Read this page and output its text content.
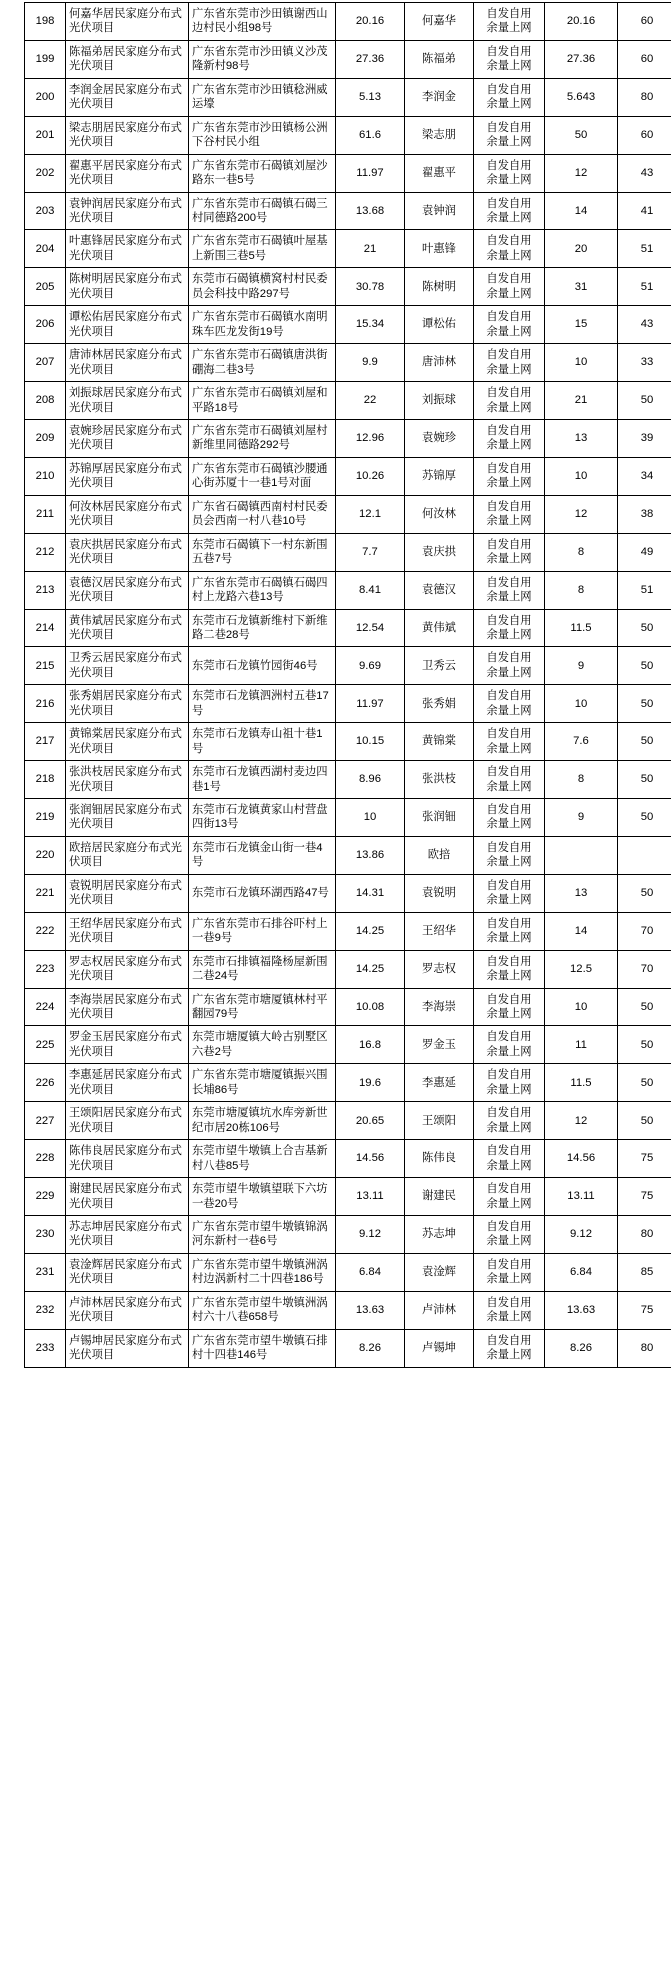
198	何嘉华居民家庭分布式光伏项目	广东省东莞市沙田镇谢西山边村民小组98号	20.16	何嘉华	自发自用
余量上网	20.16	60
199	陈福弟居民家庭分布式光伏项目	广东省东莞市沙田镇义沙茂隆新村98号	27.36	陈福弟	自发自用
余量上网	27.36	60
200	李润金居民家庭分布式光伏项目	广东省东莞市沙田镇稔洲威运壕	5.13	李润金	自发自用
余量上网	5.643	80
201	梁志朋居民家庭分布式光伏项目	广东省东莞市沙田镇杨公洲下谷村民小组	61.6	梁志朋	自发自用
余量上网	50	60
202	翟惠平居民家庭分布式光伏项目	广东省东莞市石碣镇刘屋沙路东一巷5号	11.97	翟惠平	自发自用
余量上网	12	43
203	袁钟润居民家庭分布式光伏项目	广东省东莞市石碣镇石碣三村同德路200号	13.68	袁钟润	自发自用
余量上网	14	41
204	叶惠锋居民家庭分布式光伏项目	广东省东莞市石碣镇叶屋基上新围三巷5号	21	叶惠锋	自发自用
余量上网	20	51
205	陈树明居民家庭分布式光伏项目	东莞市石碣镇横窝村村民委员会科技中路297号	30.78	陈树明	自发自用
余量上网	31	51
206	谭松佑居民家庭分布式光伏项目	广东省东莞市石碣镇水南明珠车匹龙发街19号	15.34	谭松佑	自发自用
余量上网	15	43
207	唐沛林居民家庭分布式光伏项目	广东省东莞市石碣镇唐洪街硼海二巷3号	9.9	唐沛林	自发自用
余量上网	10	33
208	刘振球居民家庭分布式光伏项目	广东省东莞市石碣镇刘屋和平路18号	22	刘振球	自发自用
余量上网	21	50
209	袁婉珍居民家庭分布式光伏项目	广东省东莞市石碣镇刘屋村新维里同德路292号	12.96	袁婉珍	自发自用
余量上网	13	39
210	苏锦厚居民家庭分布式光伏项目	广东省东莞市石碣镇沙腰通心街苏厦十一巷1号对面	10.26	苏锦厚	自发自用
余量上网	10	34
211	何汝林居民家庭分布式光伏项目	广东省石碣镇西南村村民委员会西南一村八巷10号	12.1	何汝林	自发自用
余量上网	12	38
212	袁庆拱居民家庭分布式光伏项目	东莞市石碣镇下一村东新围五巷7号	7.7	袁庆拱	自发自用
余量上网	8	49
213	袁德汉居民家庭分布式光伏项目	广东省东莞市石碣镇石碣四村上龙路六巷13号	8.41	袁德汉	自发自用
余量上网	8	51
214	黄伟斌居民家庭分布式光伏项目	东莞市石龙镇新维村下新维路二巷28号	12.54	黄伟斌	自发自用
余量上网	11.5	50
215	卫秀云居民家庭分布式光伏项目	东莞市石龙镇竹园街46号	9.69	卫秀云	自发自用
余量上网	9	50
216	张秀娟居民家庭分布式光伏项目	东莞市石龙镇泗洲村五巷17号	11.97	张秀娟	自发自用
余量上网	10	50
217	黄锦棠居民家庭分布式光伏项目	东莞市石龙镇寿山祖十巷1号	10.15	黄锦棠	自发自用
余量上网	7.6	50
218	张洪枝居民家庭分布式光伏项目	东莞市石龙镇西湖村麦边四巷1号	8.96	张洪枝	自发自用
余量上网	8	50
219	张润钿居民家庭分布式光伏项目	东莞市石龙镇黄家山村营盘四街13号	10	张润钿	自发自用
余量上网	9	50
220	欧掊居民家庭分布式光伏项目	东莞市石龙镇金山街一巷4号	13.86	欧掊	自发自用
余量上网		

221	袁锐明居民家庭分布式光伏项目	东莞市石龙镇环湖西路47号	14.31	袁锐明	自发自用
余量上网	13	50
222	王绍华居民家庭分布式光伏项目	广东省东莞市石排谷吓村上一巷9号	14.25	王绍华	自发自用
余量上网	14	70
223	罗志权居民家庭分布式光伏项目	东莞市石排镇福隆杨屋新围二巷24号	14.25	罗志权	自发自用
余量上网	12.5	70
224	李海崇居民家庭分布式光伏项目	广东省东莞市塘厦镇林村平翻园79号	10.08	李海崇	自发自用
余量上网	10	50
225	罗金玉居民家庭分布式光伏项目	东莞市塘厦镇大岭古别墅区六巷2号	16.8	罗金玉	自发自用
余量上网	11	50
226	李惠延居民家庭分布式光伏项目	广东省东莞市塘厦镇振兴围长埔86号	19.6	李惠延	自发自用
余量上网	11.5	50
227	王颂阳居民家庭分布式光伏项目	东莞市塘厦镇坑水库旁新世纪市居20栋106号	20.65	王颂阳	自发自用
余量上网	12	50
228	陈伟良居民家庭分布式光伏项目	东莞市望牛墩镇上合吉基新村八巷85号	14.56	陈伟良	自发自用
余量上网	14.56	75
229	谢建民居民家庭分布式光伏项目	东莞市望牛墩镇望联下六坊一巷20号	13.11	谢建民	自发自用
余量上网	13.11	75
230	苏志坤居民家庭分布式光伏项目	广东省东莞市望牛墩镇锦涡河东新村一巷6号	9.12	苏志坤	自发自用
余量上网	9.12	80
231	袁淦辉居民家庭分布式光伏项目	广东省东莞市望牛墩镇洲涡村边涡新村二十四巷186号	6.84	袁淦辉	自发自用
余量上网	6.84	85
232	卢沛林居民家庭分布式光伏项目	广东省东莞市望牛墩镇洲涡村六十八巷658号	13.63	卢沛林	自发自用
余量上网	13.63	75
233	卢锡坤居民家庭分布式光伏项目	广东省东莞市望牛墩镇石排村十四巷146号	8.26	卢锡坤	自发自用
余量上网	8.26	80
